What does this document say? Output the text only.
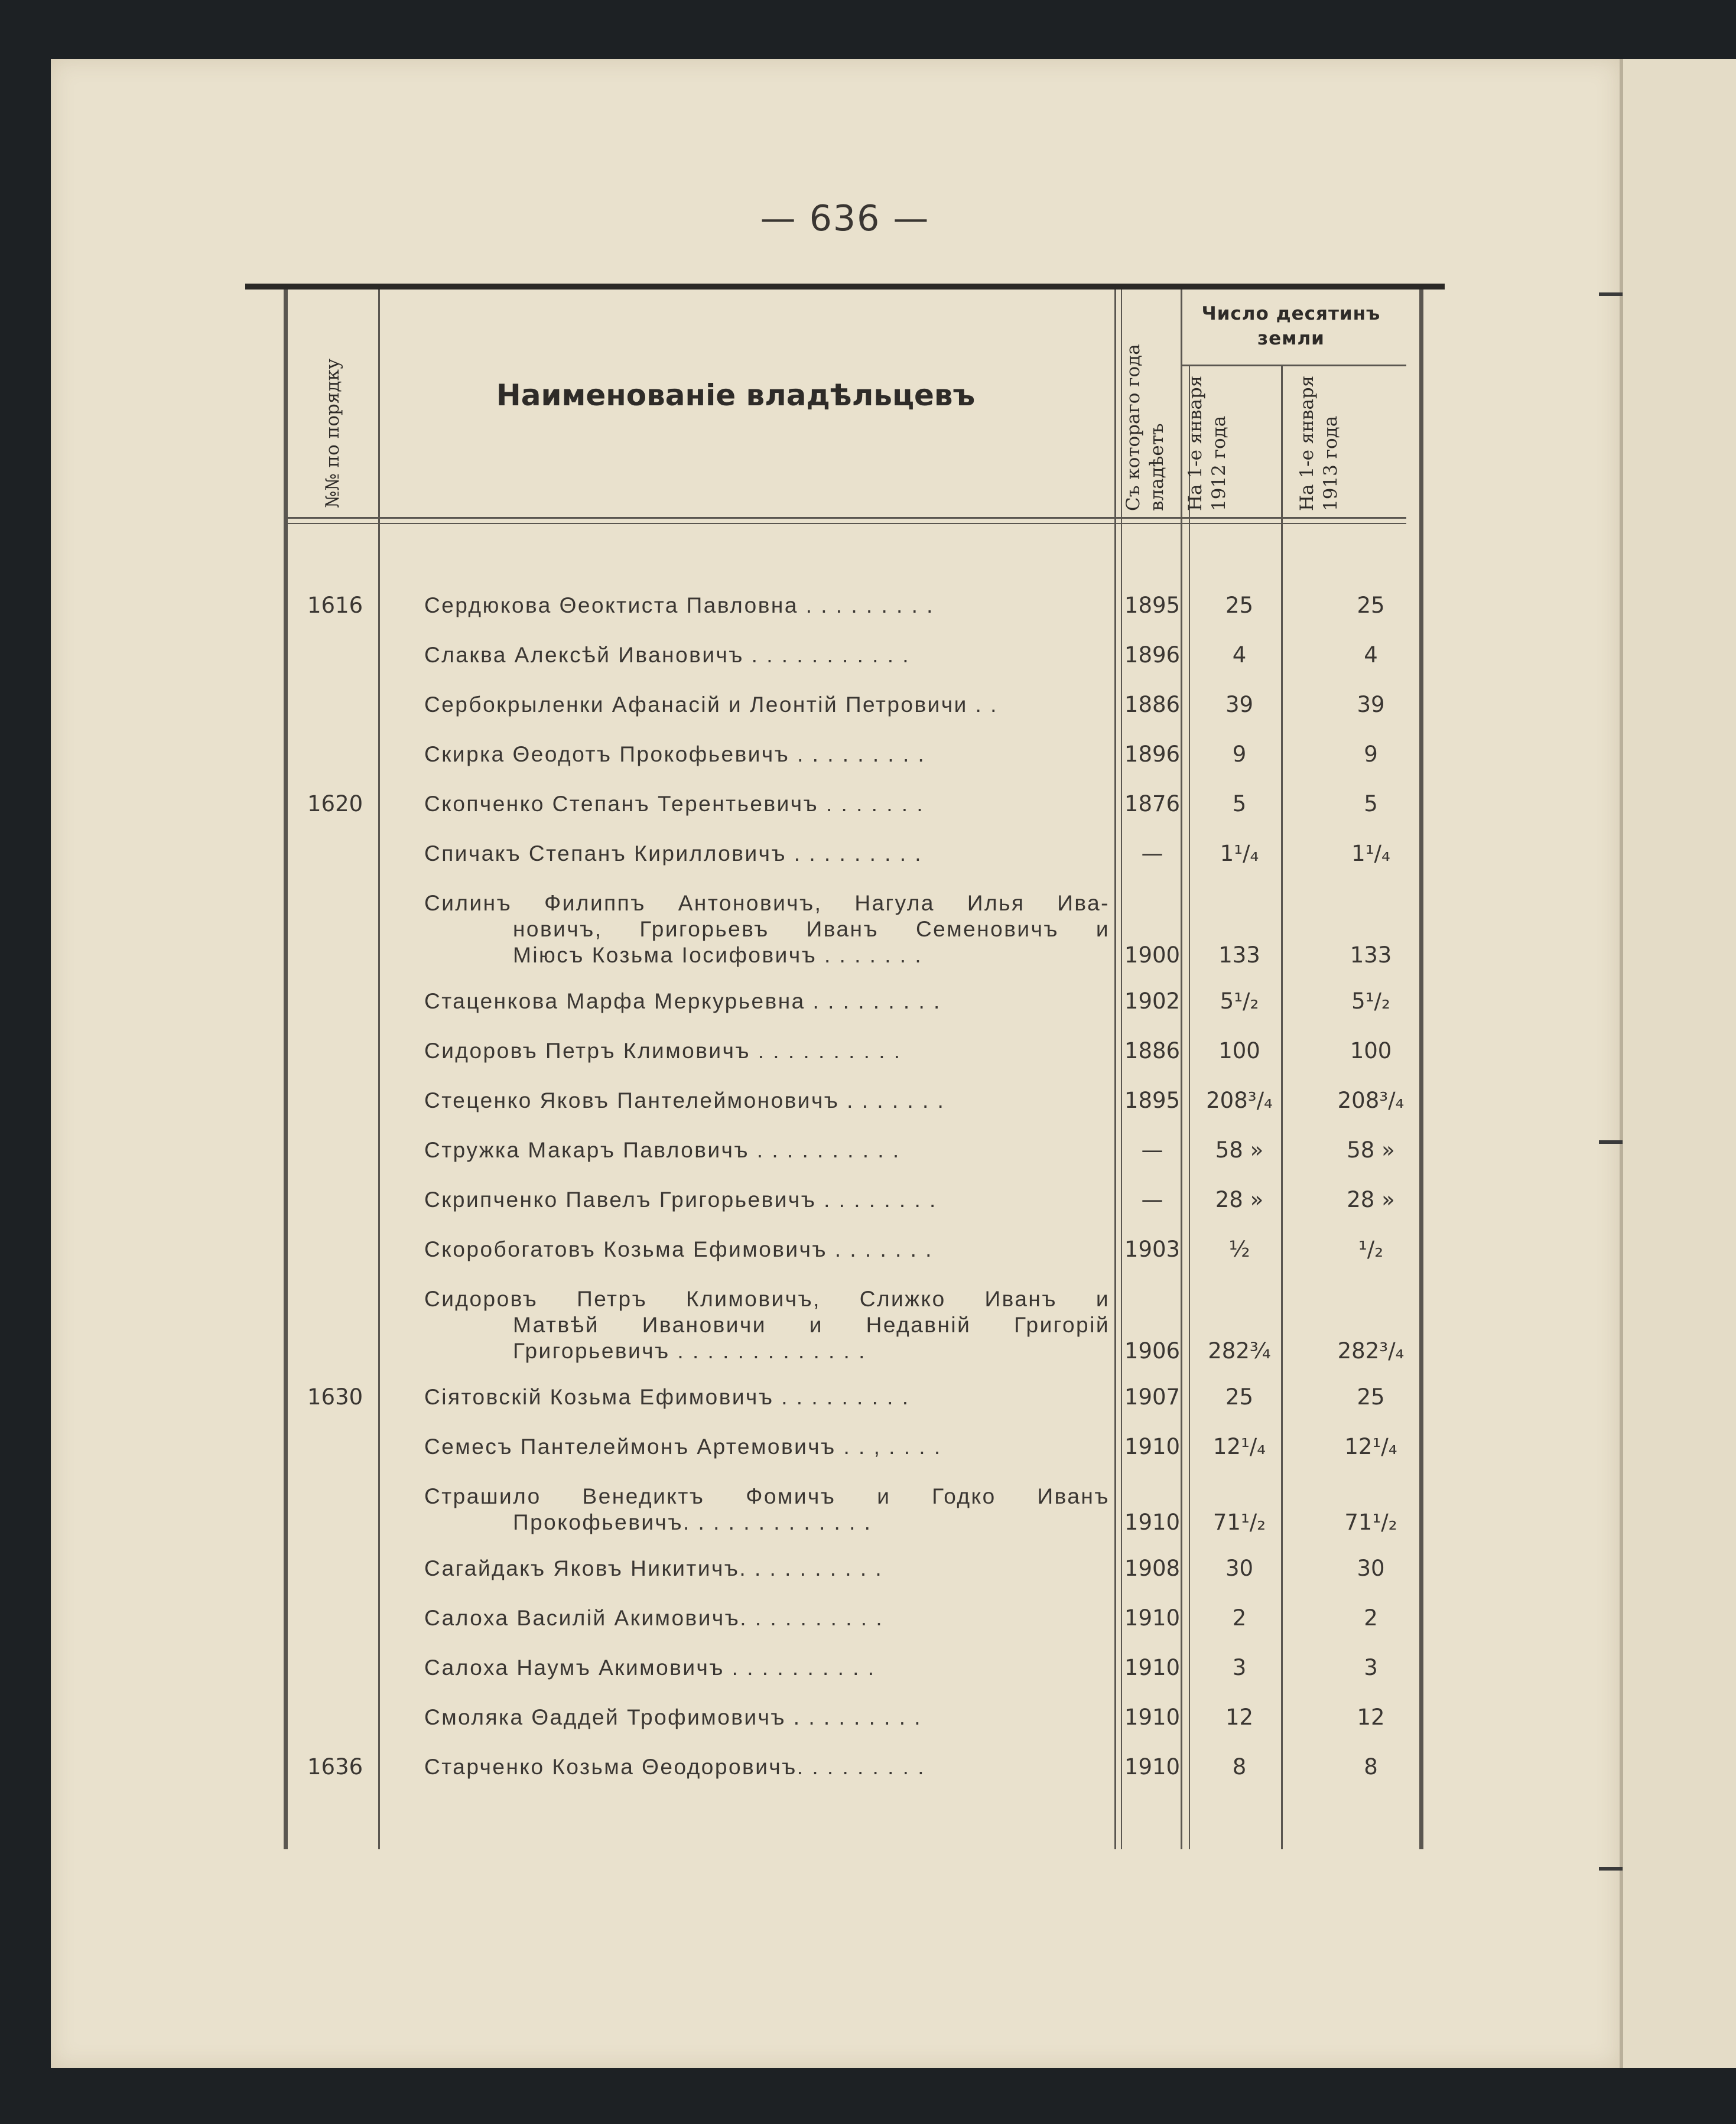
— 636 —
№№ по порядку	Наименованiе владѣльцевъ	Съ котораго года владѣетъ
Число десятинъ земли
На 1-е января 1912 года	На 1-е января 1913 года
1616	Сердюкова Θеоктиста Павловна . . . . . . . . .	1895	25	25
Слаква Алексѣй Ивановичъ . . . . . . . . . . .	1896	4	4
Сербокрыленки Афанасiй и Леонтiй Петровичи . .	1886	39	39
Скирка Θеодотъ Прокофьевичъ . . . . . . . . .	1896	9	9
1620	Скопченко Степанъ Терентьевичъ . . . . . . .	1876	5	5
Спичакъ Степанъ Кирилловичъ . . . . . . . . .	—	1¹/₄	1¹/₄
Силинъ Филиппъ Антоновичъ, Нагула Илья Ива-
новичъ, Григорьевъ Иванъ Семеновичъ и
Мiюсъ Козьма Iосифовичъ . . . . . . .	1900	133	133
Стаценкова Марфа Меркурьевна . . . . . . . . .	1902	5¹/₂	5¹/₂
Сидоровъ Петръ Климовичъ . . . . . . . . . .	1886	100	100
Стеценко Яковъ Пантелеймоновичъ . . . . . . .	1895	208³/₄	208³/₄
Стружка Макаръ Павловичъ . . . . . . . . . .	—	58 »	58 »
Скрипченко Павелъ Григорьевичъ . . . . . . . .	—	28 »	28 »
Скоробогатовъ Козьма Ефимовичъ . . . . . . .	1903	½	¹/₂
Сидоровъ Петръ Климовичъ, Слижко Иванъ и
Матвѣй Ивановичи и Недавнiй Григорiй
Григорьевичъ . . . . . . . . . . . . .	1906	282¾	282³/₄
1630	Сiятовскiй Козьма Ефимовичъ . . . . . . . . .	1907	25	25
Семесъ Пантелеймонъ Артемовичъ . . , . . . .	1910	12¹/₄	12¹/₄
Страшило Венедиктъ Фомичъ и Годко Иванъ
Прокофьевичъ. . . . . . . . . . . . .	1910	71¹/₂	71¹/₂
Сагайдакъ Яковъ Никитичъ. . . . . . . . . .	1908	30	30
Салоха Василiй Акимовичъ. . . . . . . . . .	1910	2	2
Салоха Наумъ Акимовичъ . . . . . . . . . .	1910	3	3
Смоляка Θаддей Трофимовичъ . . . . . . . . .	1910	12	12
1636	Старченко Козьма Θеодоровичъ. . . . . . . . .	1910	8	8
